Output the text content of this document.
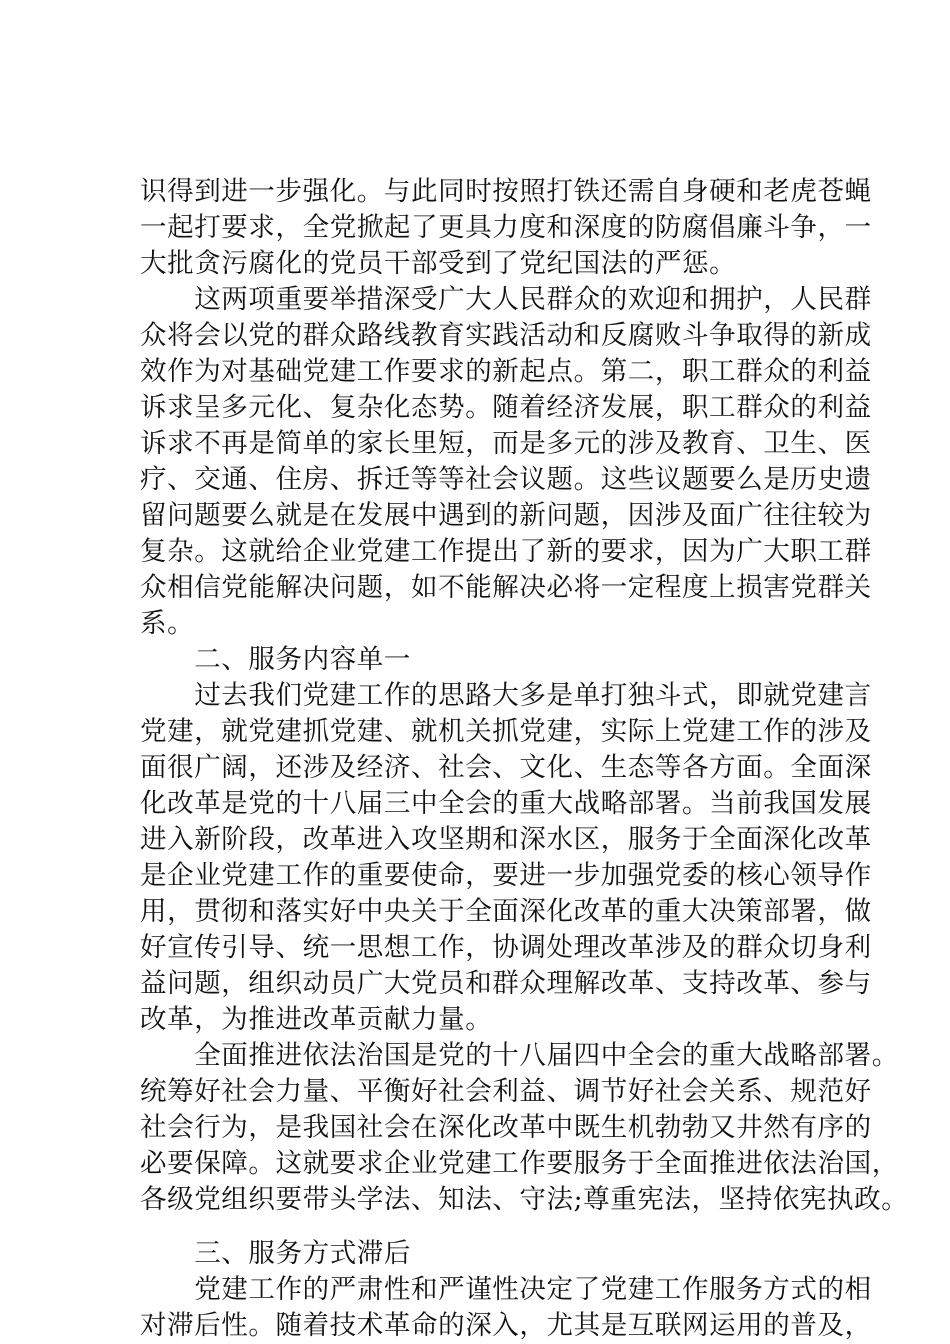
识得到进一步强化。与此同时按照打铁还需自身硬和老虎苍蝇
一起打要求，全党掀起了更具力度和深度的防腐倡廉斗争，一
大批贪污腐化的党员干部受到了党纪国法的严惩。
　　这两项重要举措深受广大人民群众的欢迎和拥护，人民群
众将会以党的群众路线教育实践活动和反腐败斗争取得的新成
效作为对基础党建工作要求的新起点。第二，职工群众的利益
诉求呈多元化、复杂化态势。随着经济发展，职工群众的利益
诉求不再是简单的家长里短，而是多元的涉及教育、卫生、医
疗、交通、住房、拆迁等等社会议题。这些议题要么是历史遗
留问题要么就是在发展中遇到的新问题，因涉及面广往往较为
复杂。这就给企业党建工作提出了新的要求，因为广大职工群
众相信党能解决问题，如不能解决必将一定程度上损害党群关
系。
　　二、服务内容单一
　　过去我们党建工作的思路大多是单打独斗式，即就党建言
党建，就党建抓党建、就机关抓党建，实际上党建工作的涉及
面很广阔，还涉及经济、社会、文化、生态等各方面。全面深
化改革是党的十八届三中全会的重大战略部署。当前我国发展
进入新阶段，改革进入攻坚期和深水区，服务于全面深化改革
是企业党建工作的重要使命，要进一步加强党委的核心领导作
用，贯彻和落实好中央关于全面深化改革的重大决策部署，做
好宣传引导、统一思想工作，协调处理改革涉及的群众切身利
益问题，组织动员广大党员和群众理解改革、支持改革、参与
改革，为推进改革贡献力量。
　　全面推进依法治国是党的十八届四中全会的重大战略部署。
统筹好社会力量、平衡好社会利益、调节好社会关系、规范好
社会行为，是我国社会在深化改革中既生机勃勃又井然有序的
必要保障。这就要求企业党建工作要服务于全面推进依法治国，
各级党组织要带头学法、知法、守法;尊重宪法，坚持依宪执政。
　　三、服务方式滞后
　　党建工作的严肃性和严谨性决定了党建工作服务方式的相
对滞后性。随着技术革命的深入，尤其是互联网运用的普及，
